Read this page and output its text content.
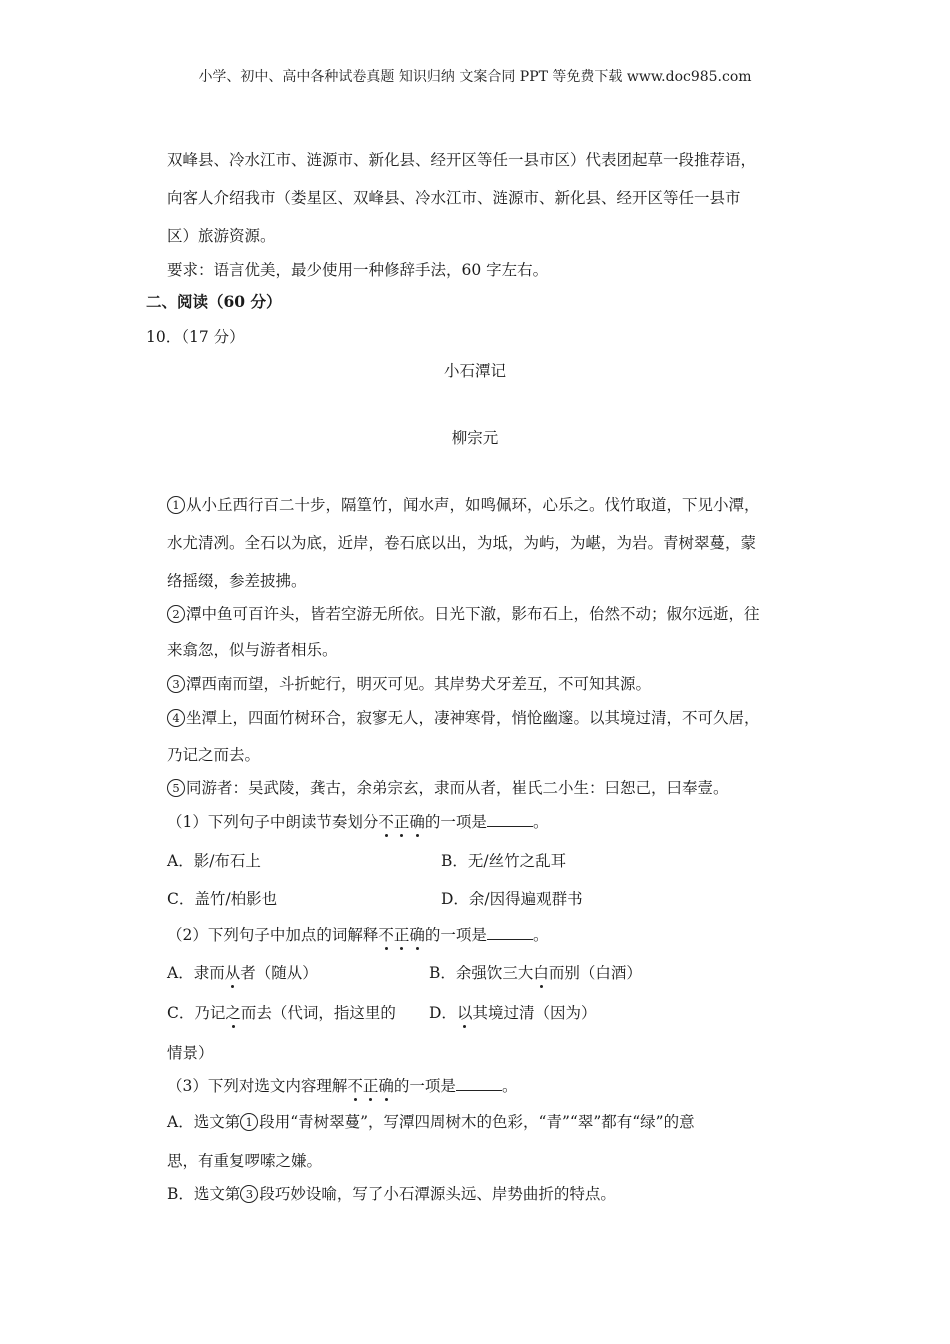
小学、初中、高中各种试卷真题 知识归纳 文案合同 PPT 等免费下载 www.doc985.com
双峰县、冷水江市、涟源市、新化县、经开区等任一县市区）代表团起草一段推荐语，
向客人介绍我市（娄星区、双峰县、冷水江市、涟源市、新化县、经开区等任一县市
区）旅游资源。
要求：语言优美，最少使用一种修辞手法，60 字左右。
二、阅读（60 分）
10．（17 分）
小石潭记
柳宗元
1 从小丘西行百二十步，隔篁竹，闻水声，如鸣佩环，心乐之。伐竹取道，下见小潭，
水尤清冽。全石以为底，近岸，卷石底以出，为坻，为屿，为嵁，为岩。青树翠蔓，蒙
络摇缀，参差披拂。
2 潭中鱼可百许头，皆若空游无所依。日光下澈，影布石上，佁然不动；俶尔远逝，往
来翕忽，似与游者相乐。
3 潭西南而望，斗折蛇行，明灭可见。其岸势犬牙差互，不可知其源。
4 坐潭上，四面竹树环合，寂寥无人，凄神寒骨，悄怆幽邃。以其境过清，不可久居，
乃记之而去。
5 同游者：吴武陵，龚古，余弟宗玄，隶而从者，崔氏二小生：曰恕己，曰奉壹。
（1）下列句子中朗读节奏划分不正确的一项是	。
A．影/布石上	B．无/丝竹之乱耳
C．盖竹/柏影也	D．余/因得遍观群书
（2）下列句子中加点的词解释不正确的一项是	。
A．隶而从者（随从）	B．余强饮三大白而别（白酒）
C．乃记之而去（代词，指这里的 D．以其境过清（因为）
情景）
（3）下列对选文内容理解不正确的一项是	。
A．选文第 1 段用“青树翠蔓”，写潭四周树木的色彩，“青”“翠”都有“绿”的意
思，有重复啰嗦之嫌。
B．选文第 3 段巧妙设喻，写了小石潭源头远、岸势曲折的特点。
